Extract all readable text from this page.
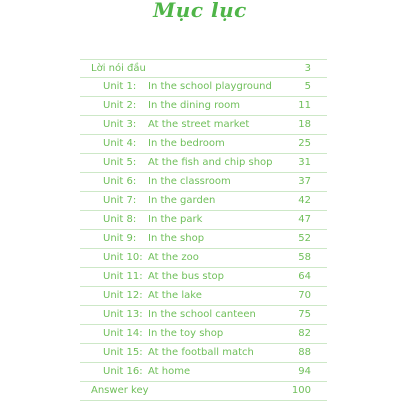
Mục lục
Lời nói đầu	3
Unit 1: In the school playground	5
Unit 2: In the dining room	11
Unit 3: At the street market	18
Unit 4: In the bedroom	25
Unit 5: At the fish and chip shop	31
Unit 6: In the classroom	37
Unit 7: In the garden	42
Unit 8: In the park	47
Unit 9: In the shop	52
Unit 10: At the zoo	58
Unit 11: At the bus stop	64
Unit 12: At the lake	70
Unit 13: In the school canteen	75
Unit 14: In the toy shop	82
Unit 15: At the football match	88
Unit 16: At home	94
Answer key	100
